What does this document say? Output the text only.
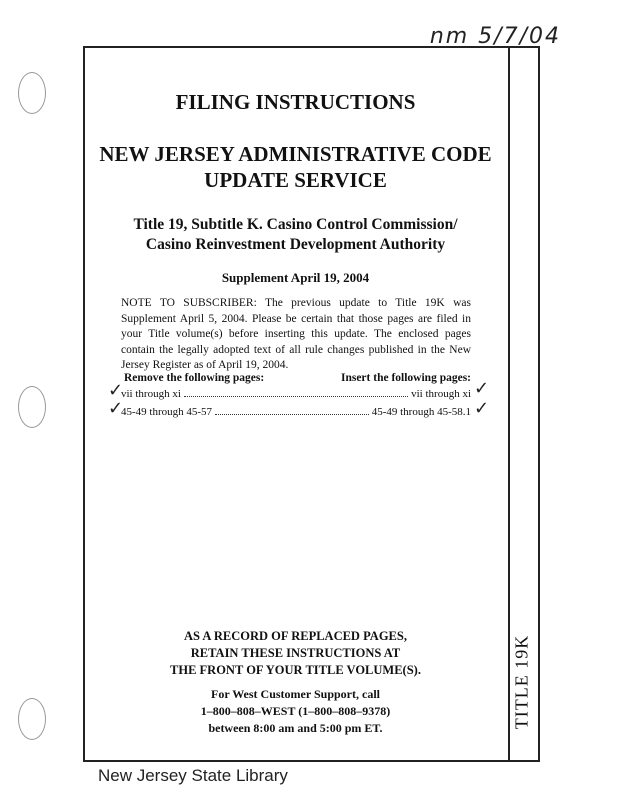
nm 5/7/04
TITLE 19K
FILING INSTRUCTIONS
NEW JERSEY ADMINISTRATIVE CODE
UPDATE SERVICE
Title 19, Subtitle K. Casino Control Commission/
Casino Reinvestment Development Authority
Supplement April 19, 2004
NOTE TO SUBSCRIBER: The previous update to Title 19K was Supplement April 5, 2004. Please be certain that those pages are filed in your Title volume(s) before inserting this update. The enclosed pages contain the legally adopted text of all rule changes published in the New Jersey Register as of April 19, 2004.
Remove the following pages:	Insert the following pages:
vii through xi	vii through xi
45-49 through 45-57	45-49 through 45-58.1
✓
✓
✓
✓
AS A RECORD OF REPLACED PAGES,
RETAIN THESE INSTRUCTIONS AT
THE FRONT OF YOUR TITLE VOLUME(S).
For West Customer Support, call
1–800–808–WEST (1–800–808–9378)
between 8:00 am and 5:00 pm ET.
New Jersey State Library
